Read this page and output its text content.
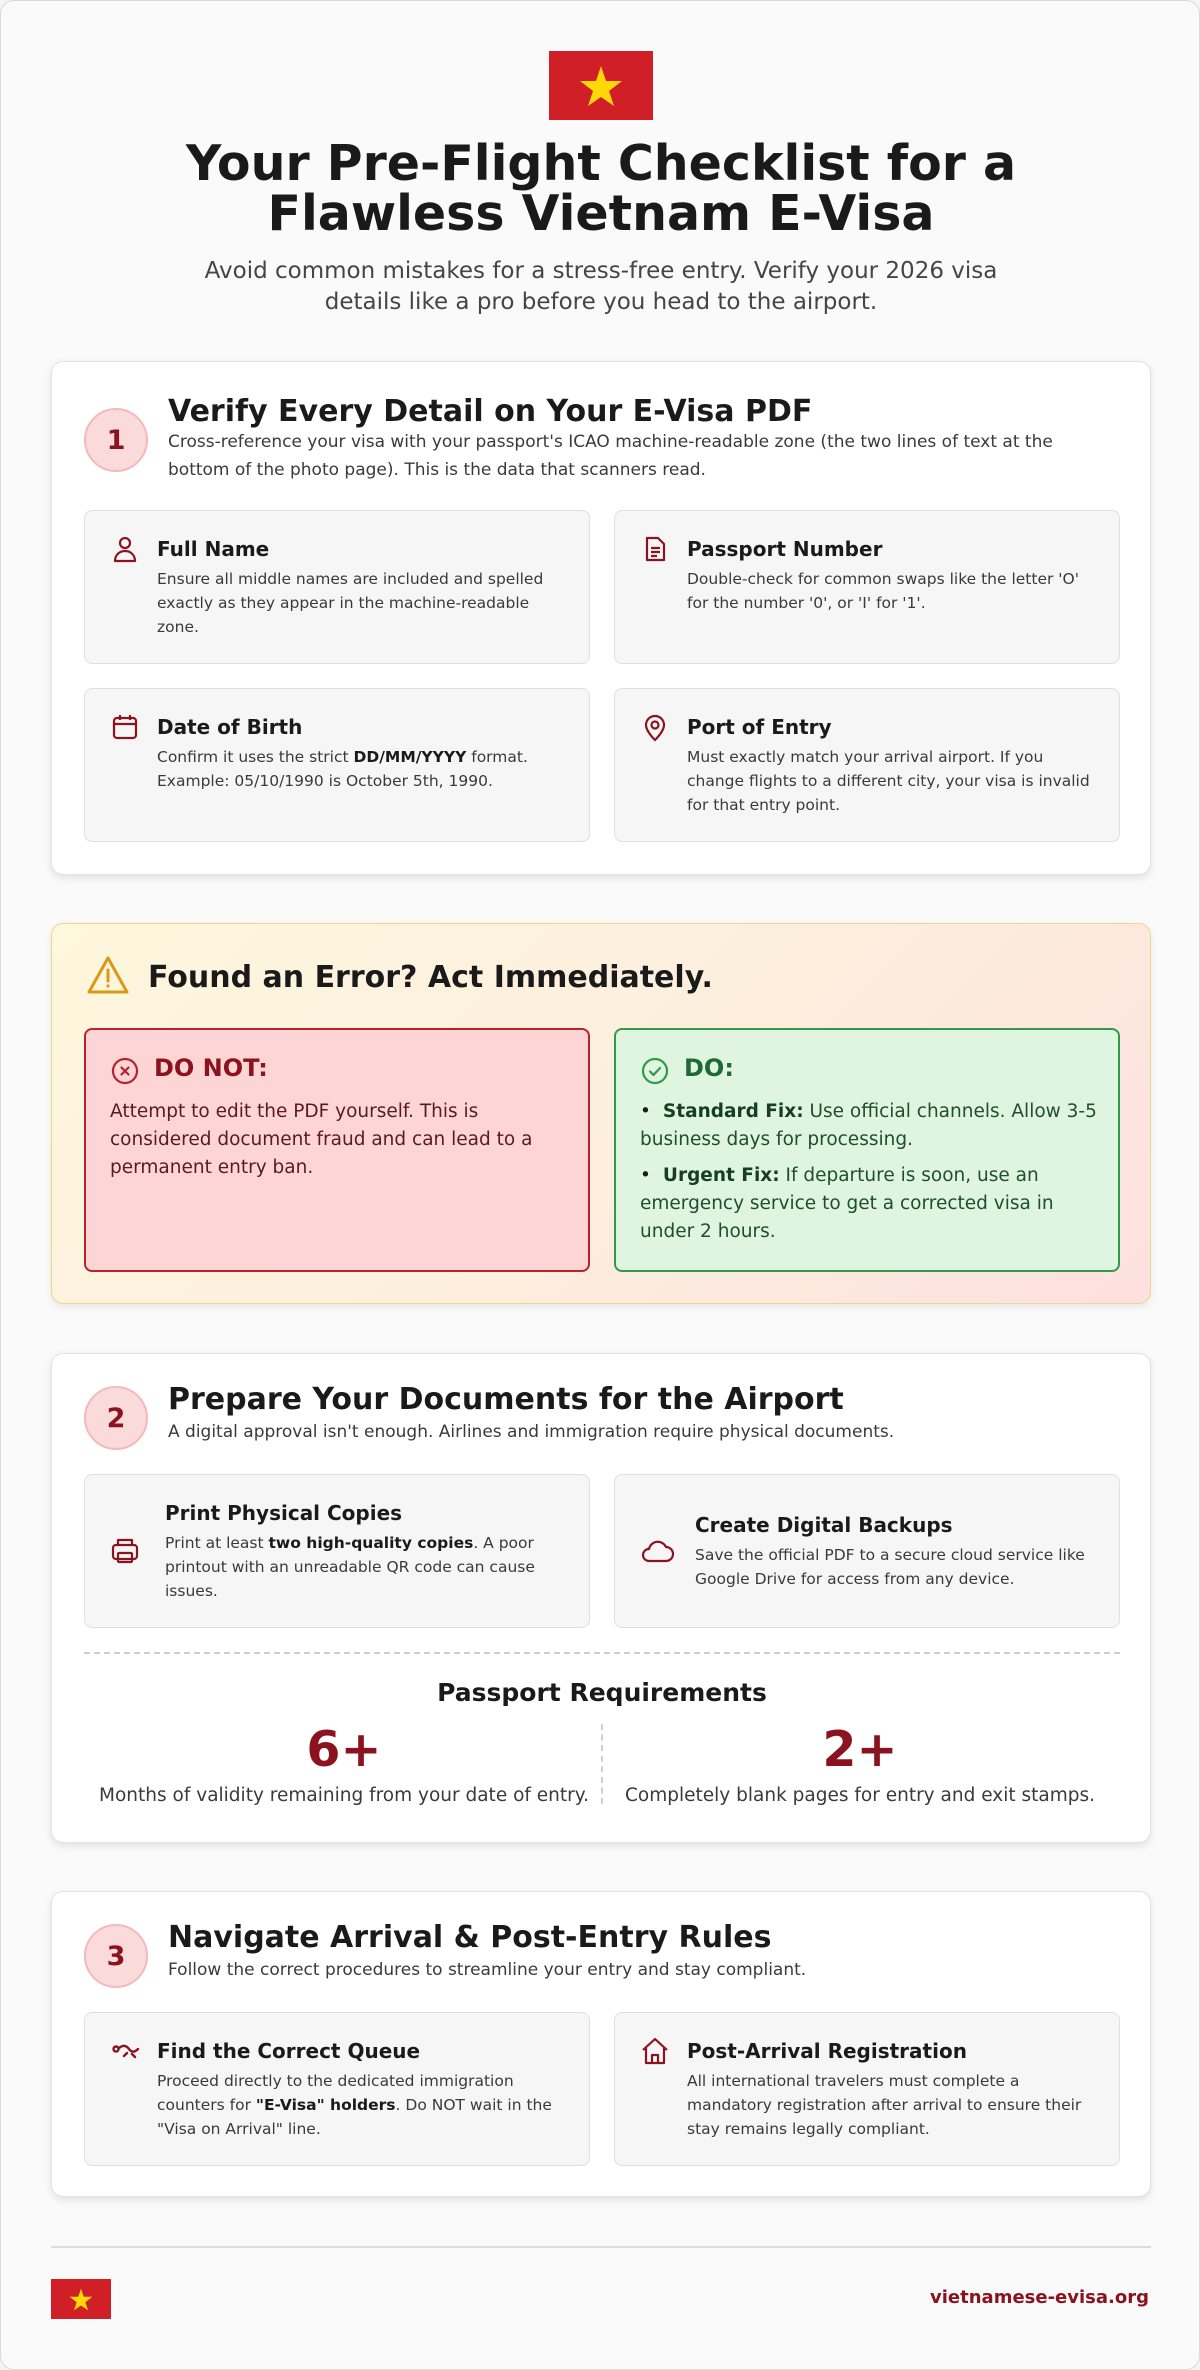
Your Pre-Flight Checklist for a Flawless Vietnam E-Visa

Avoid common mistakes for a stress-free entry. Verify your 2026 visa details like a pro before you head to the airport.

1
Verify Every Detail on Your E-Visa PDF

Cross-reference your visa with your passport's ICAO machine-readable zone (the two lines of text at the bottom of the photo page). This is the data that scanners read.

Full Name
Ensure all middle names are included and spelled exactly as they appear in the machine-readable zone.
Passport Number
Double-check for common swaps like the letter 'O' for the number '0', or 'I' for '1'.
Date of Birth
Confirm it uses the strict DD/MM/YYYY format. Example: 05/10/1990 is October 5th, 1990.
Port of Entry
Must exactly match your arrival airport. If you change flights to a different city, your visa is invalid for that entry point.
Found an Error? Act Immediately.
DO NOT:

Attempt to edit the PDF yourself. This is considered document fraud and can lead to a permanent entry ban.

DO:
• Standard Fix: Use official channels. Allow 3-5 business days for processing.
• Urgent Fix: If departure is soon, use an emergency service to get a corrected visa in under 2 hours.
2
Prepare Your Documents for the Airport

A digital approval isn't enough. Airlines and immigration require physical documents.

Print Physical Copies
Print at least two high-quality copies. A poor printout with an unreadable QR code can cause issues.
Create Digital Backups
Save the official PDF to a secure cloud service like Google Drive for access from any device.
Passport Requirements
6+
Months of validity remaining from your date of entry.
2+
Completely blank pages for entry and exit stamps.
3
Navigate Arrival & Post-Entry Rules

Follow the correct procedures to streamline your entry and stay compliant.

Find the Correct Queue
Proceed directly to the dedicated immigration counters for "E-Visa" holders. Do NOT wait in the "Visa on Arrival" line.
Post-Arrival Registration
All international travelers must complete a mandatory registration after arrival to ensure their stay remains legally compliant.
vietnamese-evisa.org
